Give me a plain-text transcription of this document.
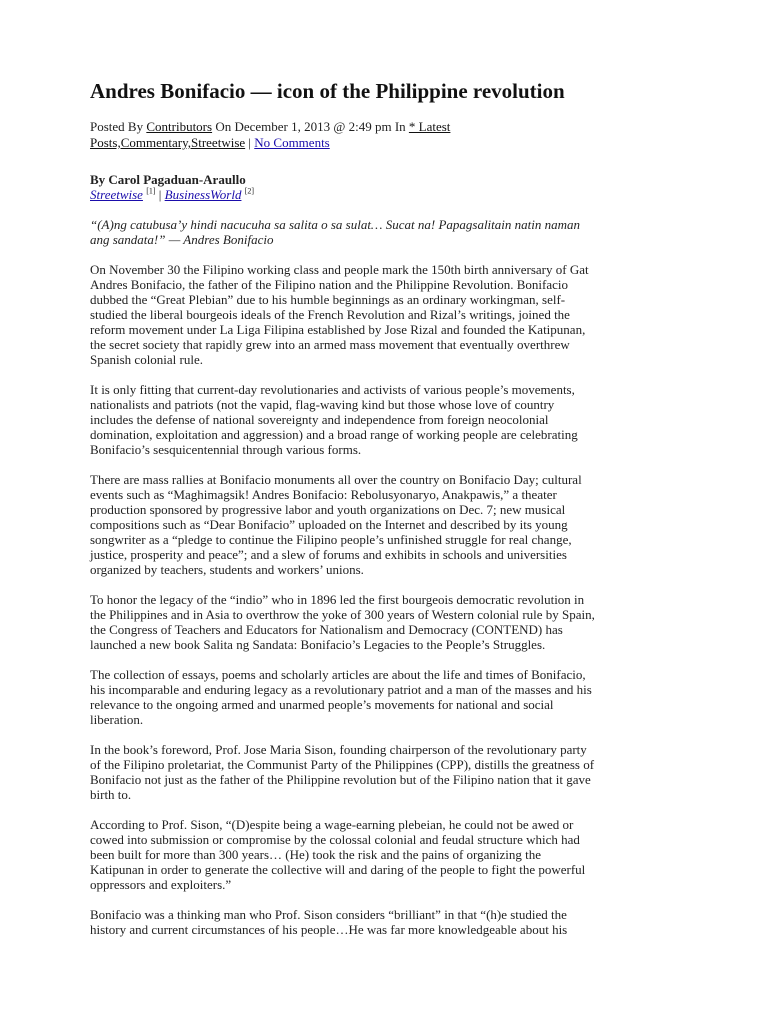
Andres Bonifacio — icon of the Philippine revolution
Posted By Contributors On December 1, 2013 @ 2:49 pm In * Latest
Posts,Commentary,Streetwise | No Comments
By Carol Pagaduan-Araullo
Streetwise [1] | BusinessWorld [2]
“(A)ng catubusa’y hindi nacucuha sa salita o sa sulat… Sucat na! Papagsalitain natin naman
ang sandata!” — Andres Bonifacio

On November 30 the Filipino working class and people mark the 150th birth anniversary of Gat
Andres Bonifacio, the father of the Filipino nation and the Philippine Revolution. Bonifacio
dubbed the “Great Plebian” due to his humble beginnings as an ordinary workingman, self-
studied the liberal bourgeois ideals of the French Revolution and Rizal’s writings, joined the
reform movement under La Liga Filipina established by Jose Rizal and founded the Katipunan,
the secret society that rapidly grew into an armed mass movement that eventually overthrew
Spanish colonial rule.

It is only fitting that current-day revolutionaries and activists of various people’s movements,
nationalists and patriots (not the vapid, flag-waving kind but those whose love of country
includes the defense of national sovereignty and independence from foreign neocolonial
domination, exploitation and aggression) and a broad range of working people are celebrating
Bonifacio’s sesquicentennial through various forms.

There are mass rallies at Bonifacio monuments all over the country on Bonifacio Day; cultural
events such as “Maghimagsik! Andres Bonifacio: Rebolusyonaryo, Anakpawis,” a theater
production sponsored by progressive labor and youth organizations on Dec. 7; new musical
compositions such as “Dear Bonifacio” uploaded on the Internet and described by its young
songwriter as a “pledge to continue the Filipino people’s unfinished struggle for real change,
justice, prosperity and peace”; and a slew of forums and exhibits in schools and universities
organized by teachers, students and workers’ unions.

To honor the legacy of the “indio” who in 1896 led the first bourgeois democratic revolution in
the Philippines and in Asia to overthrow the yoke of 300 years of Western colonial rule by Spain,
the Congress of Teachers and Educators for Nationalism and Democracy (CONTEND) has
launched a new book Salita ng Sandata: Bonifacio’s Legacies to the People’s Struggles.

The collection of essays, poems and scholarly articles are about the life and times of Bonifacio,
his incomparable and enduring legacy as a revolutionary patriot and a man of the masses and his
relevance to the ongoing armed and unarmed people’s movements for national and social
liberation.

In the book’s foreword, Prof. Jose Maria Sison, founding chairperson of the revolutionary party
of the Filipino proletariat, the Communist Party of the Philippines (CPP), distills the greatness of
Bonifacio not just as the father of the Philippine revolution but of the Filipino nation that it gave
birth to.

According to Prof. Sison, “(D)espite being a wage-earning plebeian, he could not be awed or
cowed into submission or compromise by the colossal colonial and feudal structure which had
been built for more than 300 years… (He) took the risk and the pains of organizing the
Katipunan in order to generate the collective will and daring of the people to fight the powerful
oppressors and exploiters.”

Bonifacio was a thinking man who Prof. Sison considers “brilliant” in that “(h)e studied the
history and current circumstances of his people…He was far more knowledgeable about his
